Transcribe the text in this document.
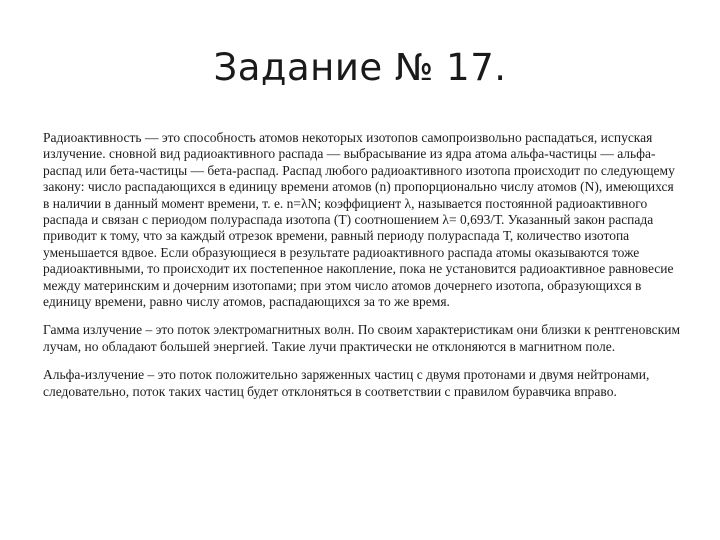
Задание № 17.

Радиоактивность — это способность атомов некоторых изотопов самопроизвольно распадаться, испуская излучение. сновной вид радиоактивного распада — выбрасывание из ядра атома альфа-частицы — альфа-распад или бета-частицы — бета-распад. Распад любого радиоактивного изотопа происходит по следующему закону: число распадающихся в единицу времени атомов (n) пропорционально числу атомов (N), имеющихся в наличии в данный момент времени, т. е. n=λN; коэффициент λ, называется постоянной радиоактивного распада и связан с периодом полураспада изотопа (Т) соотношением λ= 0,693/Т. Указанный закон распада приводит к тому, что за каждый отрезок времени, равный периоду полураспада Т, количество изотопа уменьшается вдвое. Если образующиеся в результате радиоактивного распада атомы оказываются тоже радиоактивными, то происходит их постепенное накопление, пока не установится радиоактивное равновесие между материнским и дочерним изотопами; при этом число атомов дочернего изотопа, образующихся в единицу времени, равно числу атомов, распадающихся за то же время.

Гамма излучение – это поток электромагнитных волн. По своим характеристикам они близки к рентгеновским лучам, но обладают большей энергией. Такие лучи практически не отклоняются в магнитном поле.

Альфа-излучение – это поток положительно заряженных частиц с двумя протонами и двумя нейтронами, следовательно, поток таких частиц будет отклоняться в соответствии с правилом буравчика вправо.
